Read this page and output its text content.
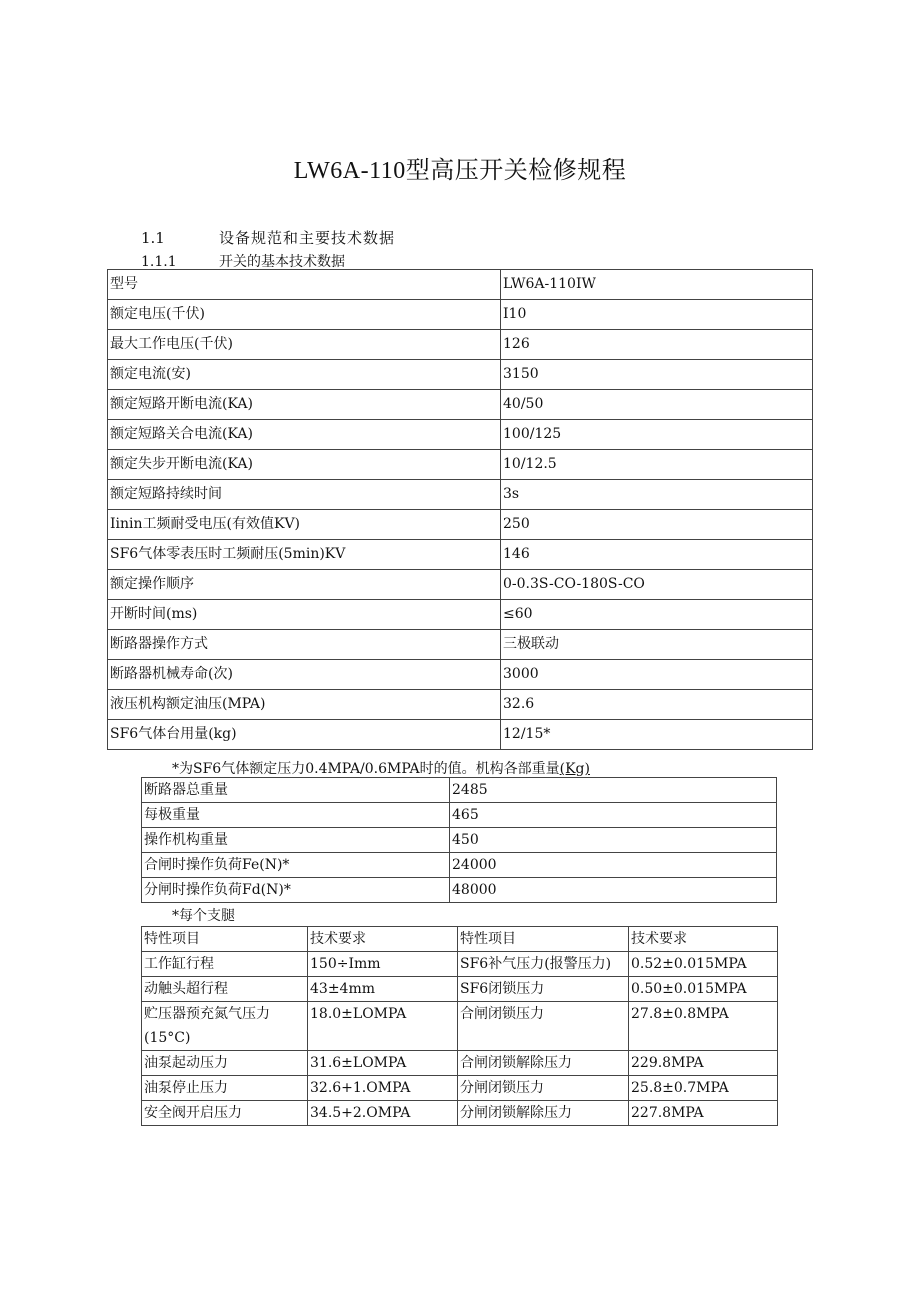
LW6A-110型高压开关检修规程
1.1	设备规范和主要技术数据
1.1.1	开关的基本技术数据
型号	LW6A-110IW
额定电压(千伏)	I10
最大工作电压(千伏)	126
额定电流(安)	3150
额定短路开断电流(KA)	40/50
额定短路关合电流(KA)	100/125
额定失步开断电流(KA)	10/12.5
额定短路持续时间	3s
Iinin工频耐受电压(有效值KV)	250
SF6气体零表压时工频耐压(5min)KV	146
额定操作顺序	0-0.3S-CO-180S-CO
开断时间(ms)	≤60
断路器操作方式	三极联动
断路器机械寿命(次)	3000
液压机构额定油压(MPA)	32.6
SF6气体台用量(kg)	12/15*
*为SF6气体额定压力0.4MPA/0.6MPA时的值。机构各部重量(Kg)
断路器总重量	2485
每极重量	465
操作机构重量	450
合闸时操作负荷Fe(N)*	24000
分闸时操作负荷Fd(N)*	48000
*每个支腿
特性项目	技术要求	特性项目	技术要求
工作缸行程	150÷Imm	SF6补气压力(报警压力)	0.52±0.015MPA
动触头超行程	43±4mm	SF6闭锁压力	0.50±0.015MPA
贮压器预充氮气压力(15°C)	18.0±LOMPA	合闸闭锁压力	27.8±0.8MPA
油泵起动压力	31.6±LOMPA	合闸闭锁解除压力	229.8MPA
油泵停止压力	32.6+1.OMPA	分闸闭锁压力	25.8±0.7MPA
安全阀开启压力	34.5+2.OMPA	分闸闭锁解除压力	227.8MPA
